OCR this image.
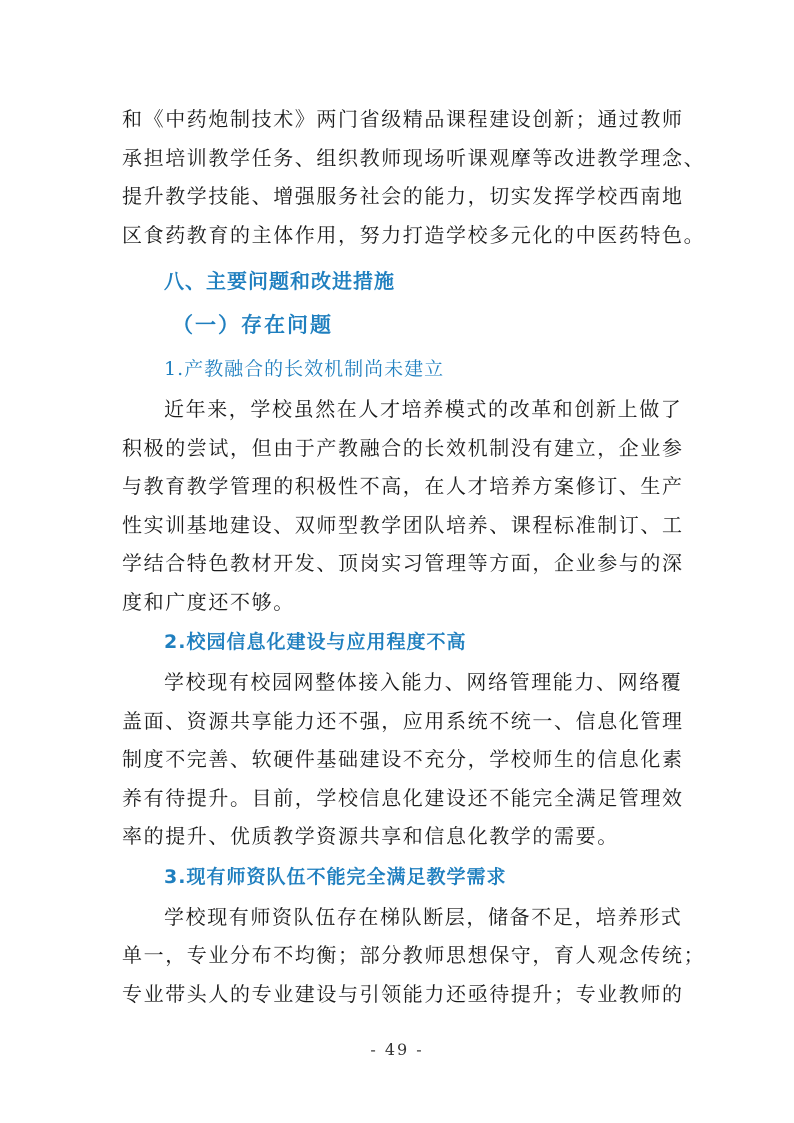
和《中药炮制技术》两门省级精品课程建设创新；通过教师
承担培训教学任务、组织教师现场听课观摩等改进教学理念、
提升教学技能、增强服务社会的能力，切实发挥学校西南地
区食药教育的主体作用，努力打造学校多元化的中医药特色。
八、主要问题和改进措施
（一）存在问题
1.产教融合的长效机制尚未建立
近年来，学校虽然在人才培养模式的改革和创新上做了
积极的尝试，但由于产教融合的长效机制没有建立，企业参
与教育教学管理的积极性不高，在人才培养方案修订、生产
性实训基地建设、双师型教学团队培养、课程标准制订、工
学结合特色教材开发、顶岗实习管理等方面，企业参与的深
度和广度还不够。
2.校园信息化建设与应用程度不高
学校现有校园网整体接入能力、网络管理能力、网络覆
盖面、资源共享能力还不强，应用系统不统一、信息化管理
制度不完善、软硬件基础建设不充分，学校师生的信息化素
养有待提升。目前，学校信息化建设还不能完全满足管理效
率的提升、优质教学资源共享和信息化教学的需要。
3.现有师资队伍不能完全满足教学需求
学校现有师资队伍存在梯队断层，储备不足，培养形式
单一，专业分布不均衡；部分教师思想保守，育人观念传统；
专业带头人的专业建设与引领能力还亟待提升；专业教师的
- 49 -
